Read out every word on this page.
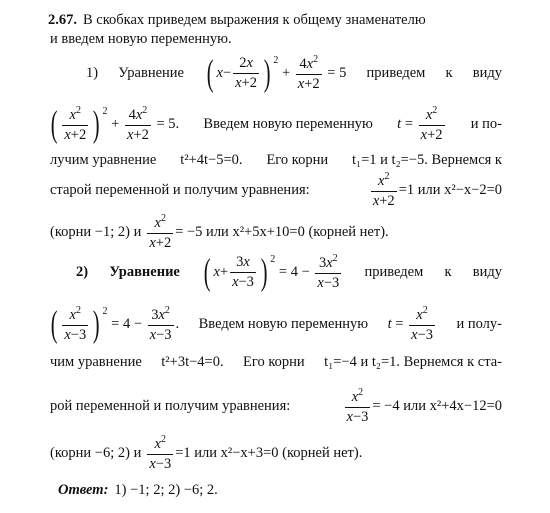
2.67. В скобках приведем выражения к общему знаменателю
и введем новую переменную.
1) Уравнение ( x −
2x
x+2 ) 2
+
$4x^2$
x+2
= 5 приведем к виду
( $x^2$
x+2 ) 2
+
$4x^2$
x+2
= 5. Введем новую переменную t =
$x^2$
x+2
и по-
лучим уравнение t²+4t−5=0. Его корни t₁=1 и t₂=−5. Вернемся к
старой переменной и получим уравнения:	$\frac{x^2}{x+2} =1$ или x²−x−2=0
(корни −1; 2) и $\frac{x^2}{x+2} = -5$ или x²+5x+10=0 (корней нет).
2) Уравнение ( x +
3x
x−3 ) 2
= 4 −
$3x^2$
x−3
приведем к виду
( $x^2$
x−3 ) 2
= 4 −
$3x^2$
x−3
. Введем новую переменную t =
$x^2$
x−3
и полу-
чим уравнение t²+3t−4=0. Его корни t₁=−4 и t₂=1. Вернемся к ста-
рой переменной и получим уравнения:	$\frac{x^2}{x-3} = -4$ или x²+4x−12=0
(корни −6; 2) и $\frac{x^2}{x-3} =1$ или x²−x+3=0 (корней нет).
Ответ: 1) −1; 2; 2) −6; 2.
